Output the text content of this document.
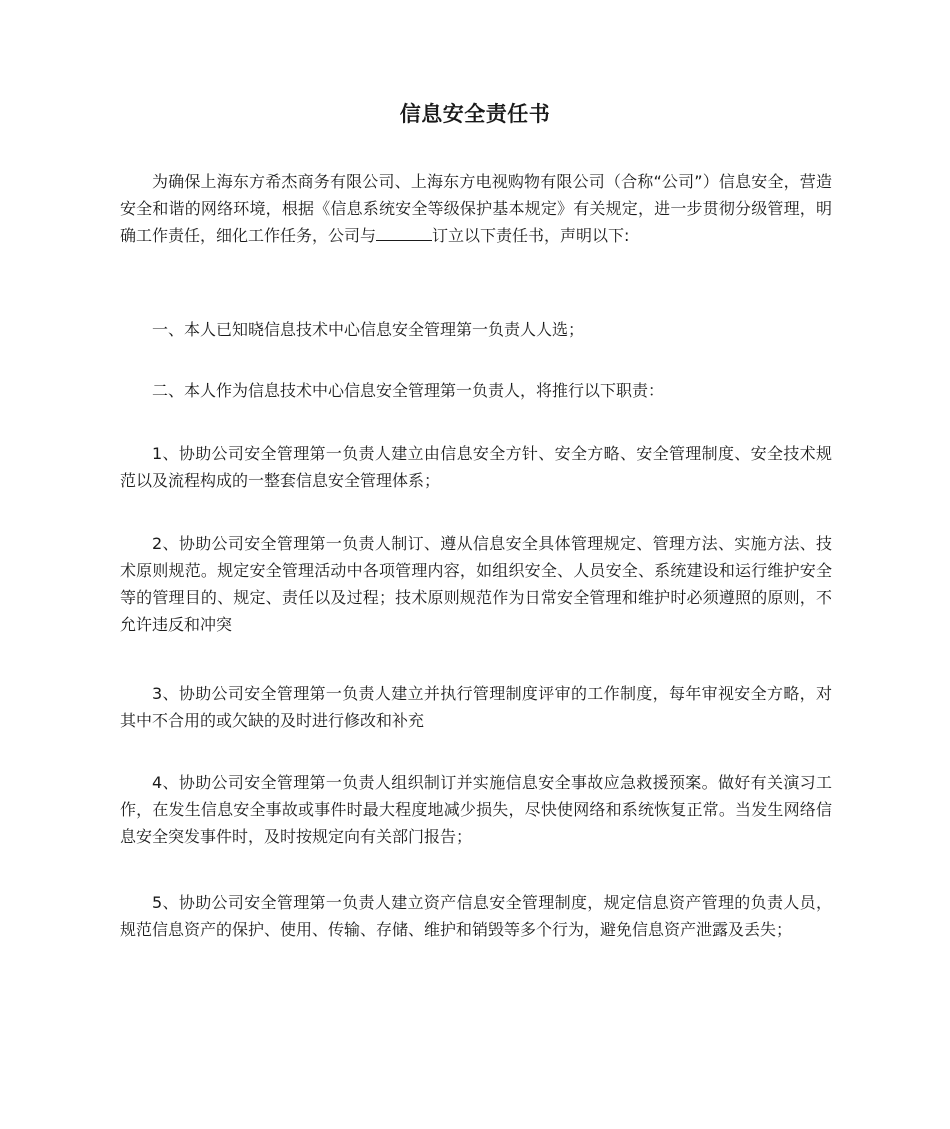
信息安全责任书

为确保上海东方希杰商务有限公司、上海东方电视购物有限公司（合称“公司”）信息安全，营造安全和谐的网络环境，根据《信息系统安全等级保护基本规定》有关规定，进一步贯彻分级管理，明确工作责任，细化工作任务，公司与	订立以下责任书，声明以下:

一、本人已知晓信息技术中心信息安全管理第一负责人人选；

二、本人作为信息技术中心信息安全管理第一负责人，将推行以下职责：

1、协助公司安全管理第一负责人建立由信息安全方针、安全方略、安全管理制度、安全技术规范以及流程构成的一整套信息安全管理体系；

2、协助公司安全管理第一负责人制订、遵从信息安全具体管理规定、管理方法、实施方法、技术原则规范。规定安全管理活动中各项管理内容，如组织安全、人员安全、系统建设和运行维护安全等的管理目的、规定、责任以及过程；技术原则规范作为日常安全管理和维护时必须遵照的原则，不允许违反和冲突

3、协助公司安全管理第一负责人建立并执行管理制度评审的工作制度，每年审视安全方略，对其中不合用的或欠缺的及时进行修改和补充

4、协助公司安全管理第一负责人组织制订并实施信息安全事故应急救援预案。做好有关演习工作，在发生信息安全事故或事件时最大程度地减少损失，尽快使网络和系统恢复正常。当发生网络信息安全突发事件时，及时按规定向有关部门报告；

5、协助公司安全管理第一负责人建立资产信息安全管理制度，规定信息资产管理的负责人员，规范信息资产的保护、使用、传输、存储、维护和销毁等多个行为，避免信息资产泄露及丢失；
